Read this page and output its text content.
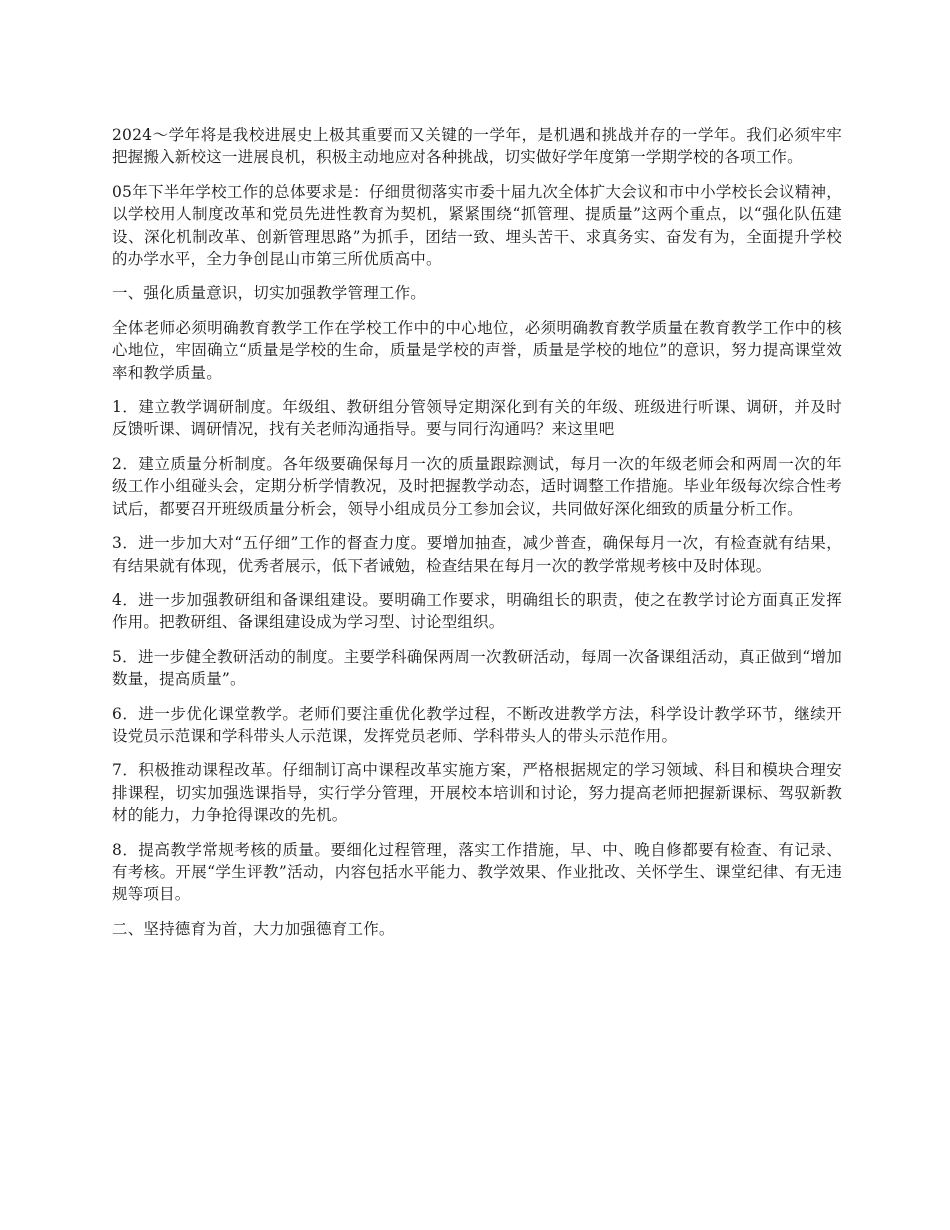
2024～学年将是我校进展史上极其重要而又关键的一学年，是机遇和挑战并存的一学年。我们必须牢牢把握搬入新校这一进展良机，积极主动地应对各种挑战，切实做好学年度第一学期学校的各项工作。

05年下半年学校工作的总体要求是：仔细贯彻落实市委十届九次全体扩大会议和市中小学校长会议精神，以学校用人制度改革和党员先进性教育为契机，紧紧围绕“抓管理、提质量”这两个重点，以“强化队伍建设、深化机制改革、创新管理思路”为抓手，团结一致、埋头苦干、求真务实、奋发有为，全面提升学校的办学水平，全力争创昆山市第三所优质高中。

一、强化质量意识，切实加强教学管理工作。

全体老师必须明确教育教学工作在学校工作中的中心地位，必须明确教育教学质量在教育教学工作中的核心地位，牢固确立“质量是学校的生命，质量是学校的声誉，质量是学校的地位”的意识，努力提高课堂效率和教学质量。

1．建立教学调研制度。年级组、教研组分管领导定期深化到有关的年级、班级进行听课、调研，并及时反馈听课、调研情况，找有关老师沟通指导。要与同行沟通吗？来这里吧

2．建立质量分析制度。各年级要确保每月一次的质量跟踪测试，每月一次的年级老师会和两周一次的年级工作小组碰头会，定期分析学情教况，及时把握教学动态，适时调整工作措施。毕业年级每次综合性考试后，都要召开班级质量分析会，领导小组成员分工参加会议，共同做好深化细致的质量分析工作。

3．进一步加大对“五仔细”工作的督查力度。要增加抽查，减少普查，确保每月一次，有检查就有结果，有结果就有体现，优秀者展示，低下者诫勉，检查结果在每月一次的教学常规考核中及时体现。

4．进一步加强教研组和备课组建设。要明确工作要求，明确组长的职责，使之在教学讨论方面真正发挥作用。把教研组、备课组建设成为学习型、讨论型组织。

5．进一步健全教研活动的制度。主要学科确保两周一次教研活动，每周一次备课组活动，真正做到“增加数量，提高质量”。

6．进一步优化课堂教学。老师们要注重优化教学过程，不断改进教学方法，科学设计教学环节，继续开设党员示范课和学科带头人示范课，发挥党员老师、学科带头人的带头示范作用。

7．积极推动课程改革。仔细制订高中课程改革实施方案，严格根据规定的学习领域、科目和模块合理安排课程，切实加强选课指导，实行学分管理，开展校本培训和讨论，努力提高老师把握新课标、驾驭新教材的能力，力争抢得课改的先机。

8．提高教学常规考核的质量。要细化过程管理，落实工作措施，早、中、晚自修都要有检查、有记录、有考核。开展“学生评教”活动，内容包括水平能力、教学效果、作业批改、关怀学生、课堂纪律、有无违规等项目。

二、坚持德育为首，大力加强德育工作。
